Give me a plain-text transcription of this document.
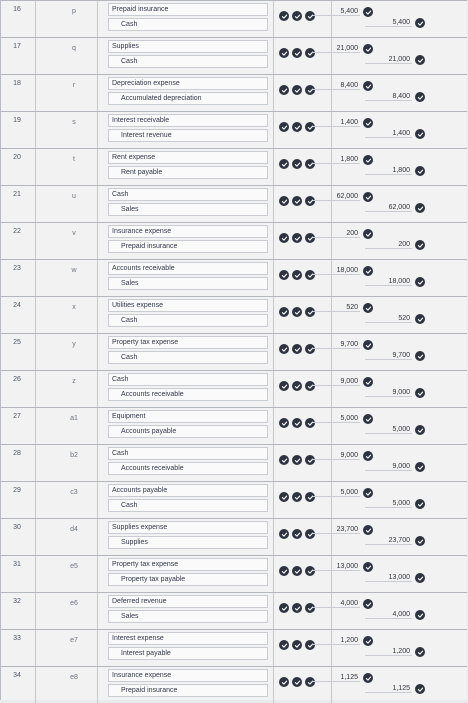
16	p	Prepaid insurance
Cash
5,400
5,400
17	q	Supplies
Cash
21,000
21,000
18	r	Depreciation expense
Accumulated depreciation
8,400
8,400
19	s	Interest receivable
Interest revenue
1,400
1,400
20	t	Rent expense
Rent payable
1,800
1,800
21	u	Cash
Sales
62,000
62,000
22	v	Insurance expense
Prepaid insurance
200
200
23	w	Accounts receivable
Sales
18,000
18,000
24	x	Utilities expense
Cash
520
520
25	y	Property tax expense
Cash
9,700
9,700
26	z	Cash
Accounts receivable
9,000
9,000
27	a1	Equipment
Accounts payable
5,000
5,000
28	b2	Cash
Accounts receivable
9,000
9,000
29	c3	Accounts payable
Cash
5,000
5,000
30	d4	Supplies expense
Supplies
23,700
23,700
31	e5	Property tax expense
Property tax payable
13,000
13,000
32	e6	Deferred revenue
Sales
4,000
4,000
33	e7	Interest expense
Interest payable
1,200
1,200
34	e8	Insurance expense
Prepaid insurance
1,125
1,125
